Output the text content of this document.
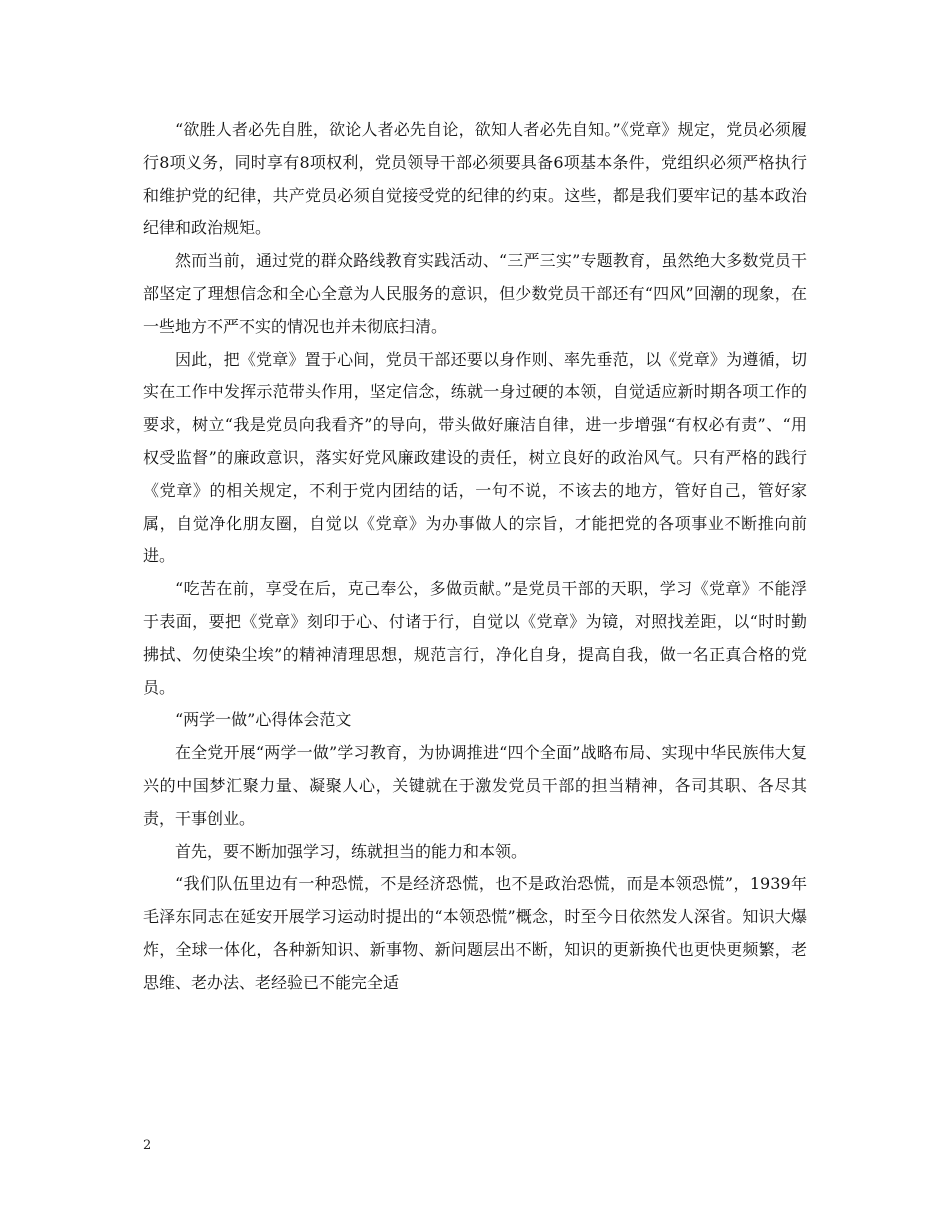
“欲胜人者必先自胜，欲论人者必先自论，欲知人者必先自知。”《党章》规定，党员必须履行8项义务，同时享有8项权利，党员领导干部必须要具备6项基本条件，党组织必须严格执行和维护党的纪律，共产党员必须自觉接受党的纪律的约束。这些，都是我们要牢记的基本政治纪律和政治规矩。

然而当前，通过党的群众路线教育实践活动、“三严三实”专题教育，虽然绝大多数党员干部坚定了理想信念和全心全意为人民服务的意识，但少数党员干部还有“四风”回潮的现象，在一些地方不严不实的情况也并未彻底扫清。

因此，把《党章》置于心间，党员干部还要以身作则、率先垂范，以《党章》为遵循，切实在工作中发挥示范带头作用，坚定信念，练就一身过硬的本领，自觉适应新时期各项工作的要求，树立“我是党员向我看齐”的导向，带头做好廉洁自律，进一步增强“有权必有责”、“用权受监督”的廉政意识，落实好党风廉政建设的责任，树立良好的政治风气。只有严格的践行《党章》的相关规定，不利于党内团结的话，一句不说，不该去的地方，管好自己，管好家属，自觉净化朋友圈，自觉以《党章》为办事做人的宗旨，才能把党的各项事业不断推向前进。

“吃苦在前，享受在后，克己奉公，多做贡献。”是党员干部的天职，学习《党章》不能浮于表面，要把《党章》刻印于心、付诸于行，自觉以《党章》为镜，对照找差距，以“时时勤拂拭、勿使染尘埃”的精神清理思想，规范言行，净化自身，提高自我，做一名正真合格的党员。

“两学一做”心得体会范文

在全党开展“两学一做”学习教育，为协调推进“四个全面”战略布局、实现中华民族伟大复兴的中国梦汇聚力量、凝聚人心，关键就在于激发党员干部的担当精神，各司其职、各尽其责，干事创业。

首先，要不断加强学习，练就担当的能力和本领。

“我们队伍里边有一种恐慌，不是经济恐慌，也不是政治恐慌，而是本领恐慌”，1939年毛泽东同志在延安开展学习运动时提出的“本领恐慌”概念，时至今日依然发人深省。知识大爆炸，全球一体化，各种新知识、新事物、新问题层出不断，知识的更新换代也更快更频繁，老思维、老办法、老经验已不能完全适

2
